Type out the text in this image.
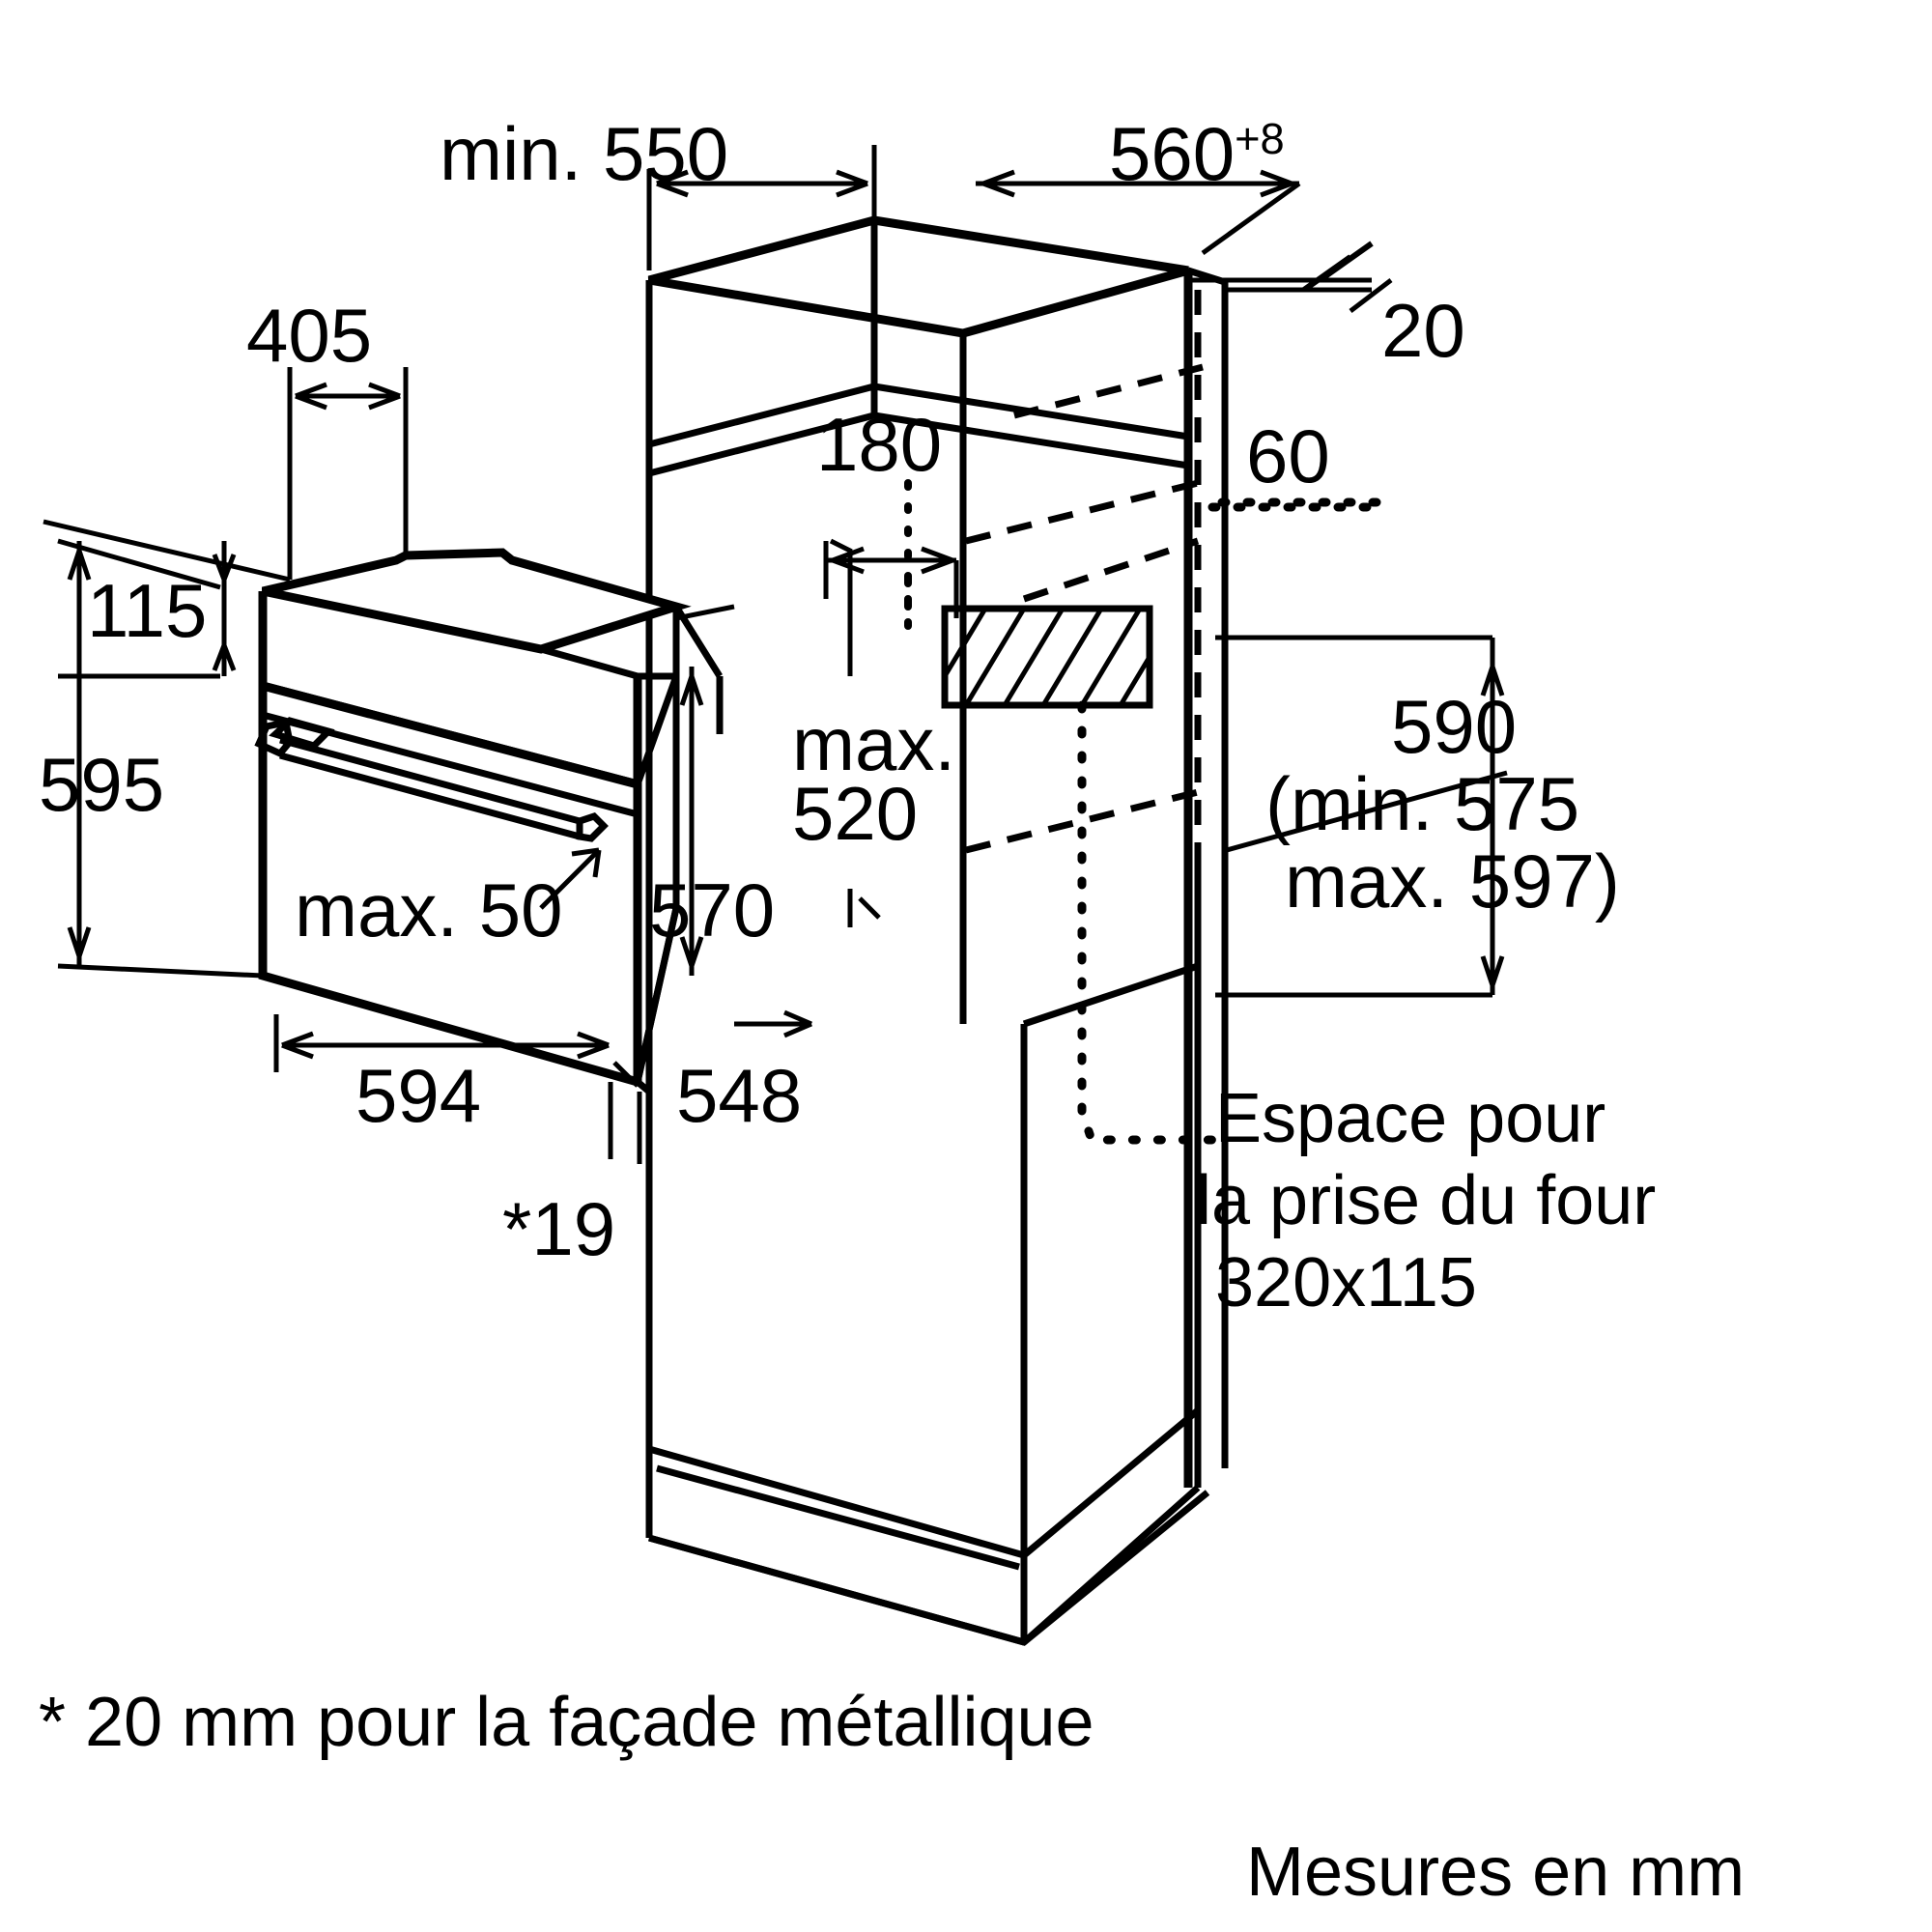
min. 550	$560^{+8}$
405	20
180	60
115
595	max.
520
570
max. 50
594	548
*19
590
(min. 575
max. 597)
Espace pour
la prise du four
320x115
* 20 mm pour la façade métallique
Mesures en mm
